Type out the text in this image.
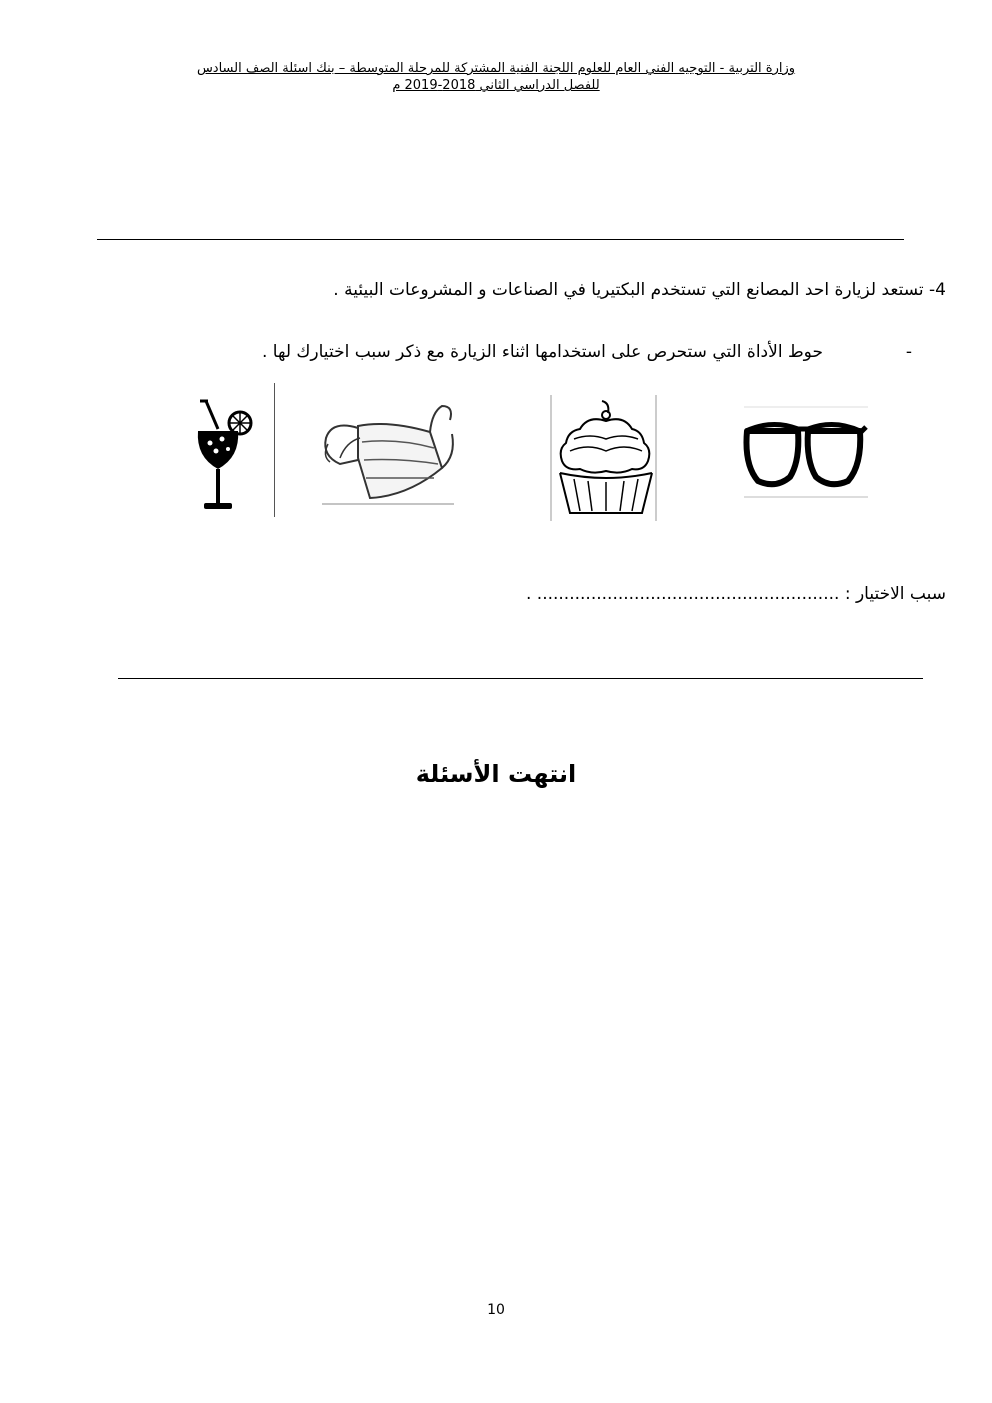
وزارة التربية - التوجيه الفني العام للعلوم اللجنة الفنية المشتركة للمرحلة المتوسطة – بنك اسئلة الصف السادس
للفصل الدراسي الثاني 2018-2019 م
4- تستعد لزيارة احد المصانع التي تستخدم البكتيريا في الصناعات و المشروعات البيئية .
-
حوط الأداة التي ستحرص على استخدامها اثناء الزيارة مع ذكر سبب اختيارك لها .
سبب الاختيار : ........................................................ .
انتهت الأسئلة
10
